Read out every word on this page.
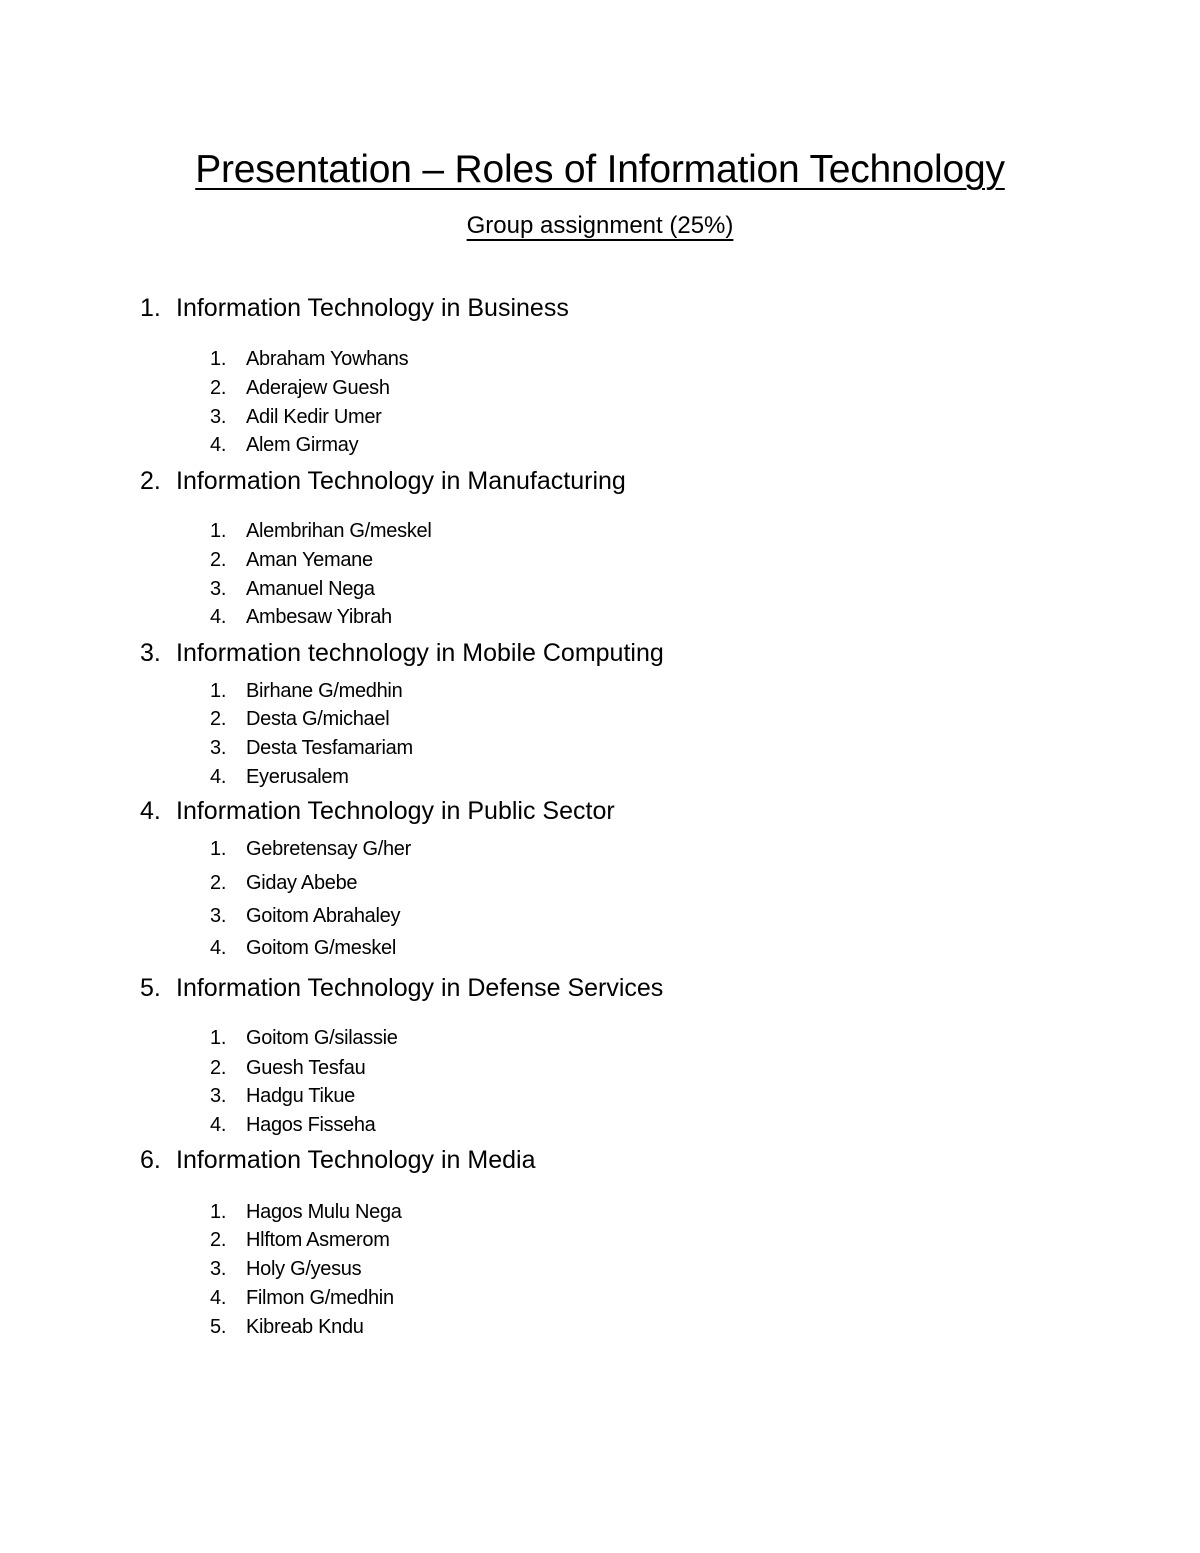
Presentation – Roles of Information Technology
Group assignment (25%)
1. Information Technology in Business
1. Abraham Yowhans
2. Aderajew Guesh
3. Adil Kedir Umer
4. Alem Girmay
2. Information Technology in Manufacturing
1. Alembrihan G/meskel
2. Aman Yemane
3. Amanuel Nega
4. Ambesaw Yibrah
3. Information technology in Mobile Computing
1. Birhane G/medhin
2. Desta G/michael
3. Desta Tesfamariam
4. Eyerusalem
4. Information Technology in Public Sector
1. Gebretensay G/her
2. Giday Abebe
3. Goitom Abrahaley
4. Goitom G/meskel
5. Information Technology in Defense Services
1. Goitom G/silassie
2. Guesh Tesfau
3. Hadgu Tikue
4. Hagos Fisseha
6. Information Technology in Media
1. Hagos Mulu Nega
2. Hlftom Asmerom
3. Holy G/yesus
4. Filmon G/medhin
5. Kibreab Kndu
